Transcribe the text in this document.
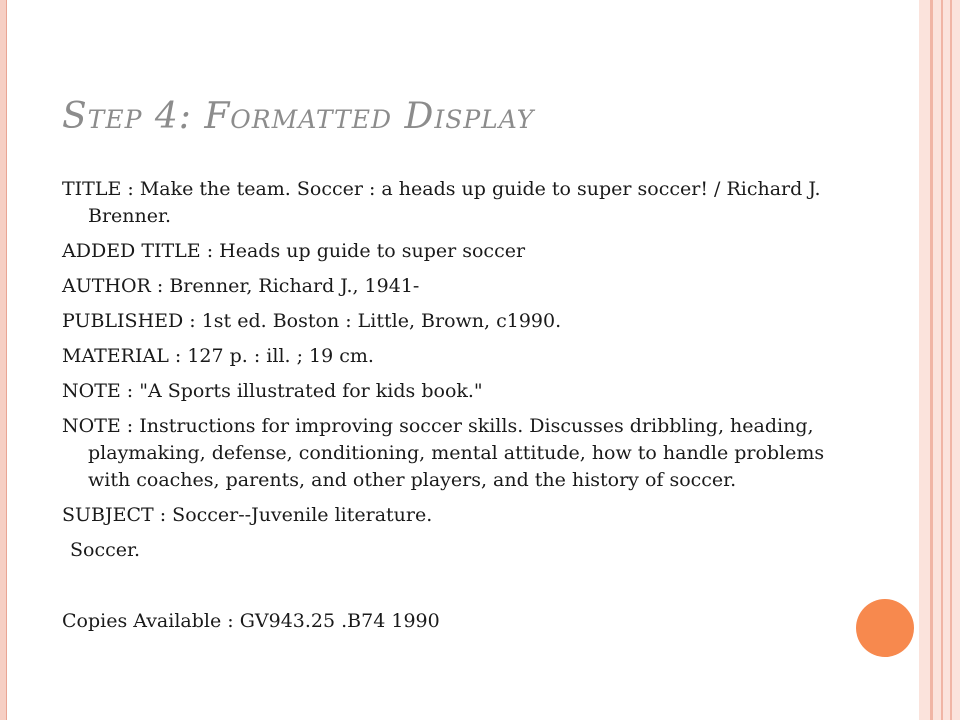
Step 4: Formatted Display

TITLE : Make the team. Soccer : a heads up guide to super soccer! / Richard J. Brenner.

ADDED TITLE : Heads up guide to super soccer

AUTHOR : Brenner, Richard J., 1941-

PUBLISHED : 1st ed. Boston : Little, Brown, c1990.

MATERIAL : 127 p. : ill. ; 19 cm.

NOTE : "A Sports illustrated for kids book."

NOTE : Instructions for improving soccer skills. Discusses dribbling, heading, playmaking, defense, conditioning, mental attitude, how to handle problems with coaches, parents, and other players, and the history of soccer.

SUBJECT : Soccer--Juvenile literature.

Soccer.

Copies Available : GV943.25 .B74 1990
